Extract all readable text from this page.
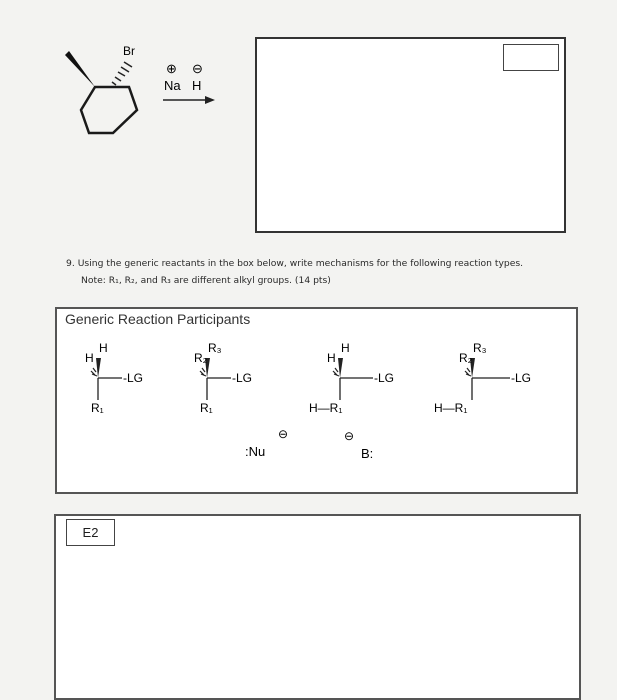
Br
⊕ ⊖
Na H
9. Using the generic reactants in the box below, write mechanisms for the following reaction types.
Note: R₁, R₂, and R₃ are different alkyl groups. (14 pts)
Generic Reaction Participants
H
H
-LG
R₁
R₃
R₂
-LG
R₁
H
H
-LG
H—R₁
R₃
R₂
-LG
H—R₁
⊖
:Nu
⊖
B:
E2
